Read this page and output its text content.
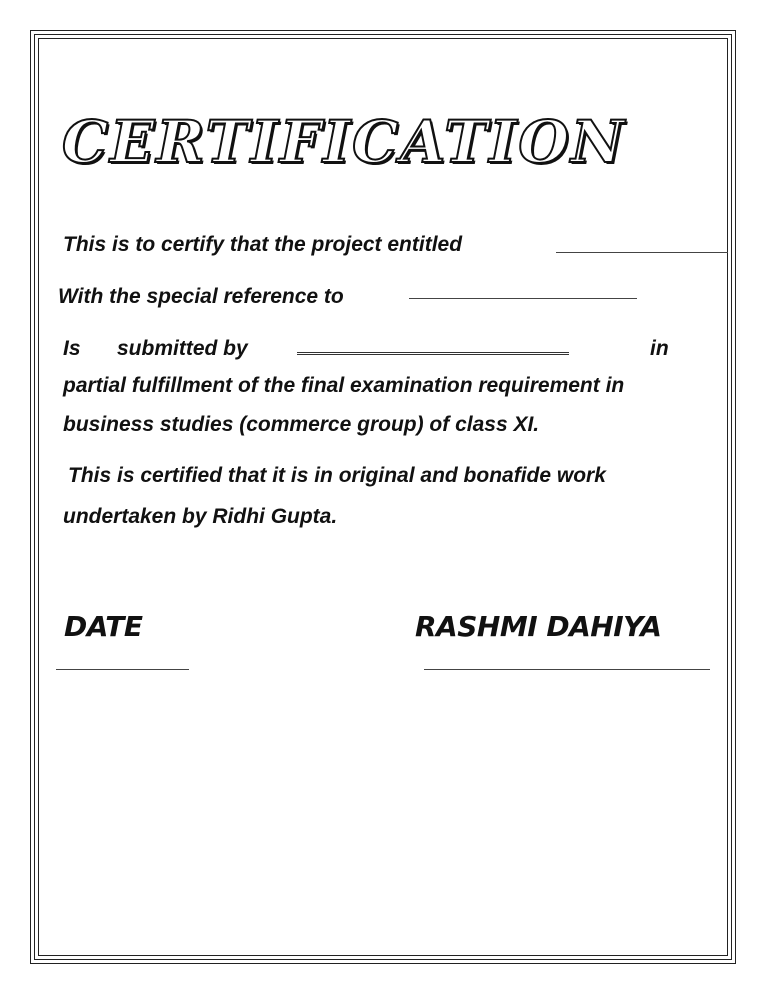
CERTIFICATION
This is to certify that the project entitled
With the special reference to
Is submitted by	in
partial fulfillment of the final examination requirement in
business studies (commerce group) of class XI.
This is certified that it is in original and bonafide work
undertaken by Ridhi Gupta.
DATE	RASHMI DAHIYA
